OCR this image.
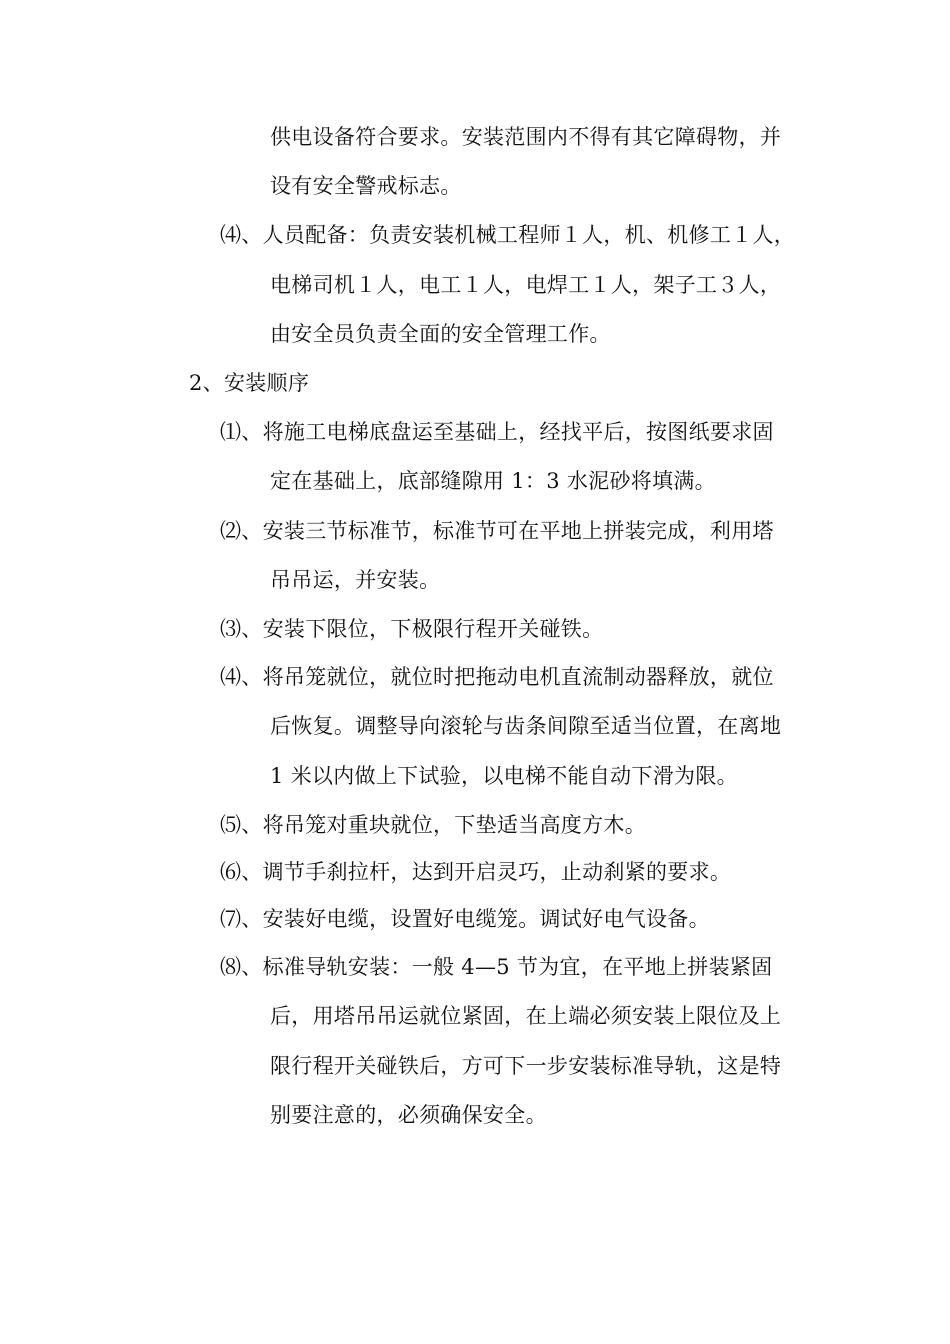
供电设备符合要求。安装范围内不得有其它障碍物，并
设有安全警戒标志。
⑷、人员配备：负责安装机械工程师１人，机、机修工１人，
电梯司机１人，电工１人，电焊工１人，架子工３人，
由安全员负责全面的安全管理工作。
2、安装顺序
⑴、将施工电梯底盘运至基础上，经找平后，按图纸要求固
定在基础上，底部缝隙用 1：3 水泥砂将填满。
⑵、安装三节标准节，标准节可在平地上拼装完成，利用塔
吊吊运，并安装。
⑶、安装下限位，下极限行程开关碰铁。
⑷、将吊笼就位，就位时把拖动电机直流制动器释放，就位
后恢复。调整导向滚轮与齿条间隙至适当位置，在离地
1 米以内做上下试验，以电梯不能自动下滑为限。
⑸、将吊笼对重块就位，下垫适当高度方木。
⑹、调节手刹拉杆，达到开启灵巧，止动刹紧的要求。
⑺、安装好电缆，设置好电缆笼。调试好电气设备。
⑻、标准导轨安装：一般 4—5 节为宜，在平地上拼装紧固
后，用塔吊吊运就位紧固，在上端必须安装上限位及上
限行程开关碰铁后，方可下一步安装标准导轨，这是特
别要注意的，必须确保安全。
